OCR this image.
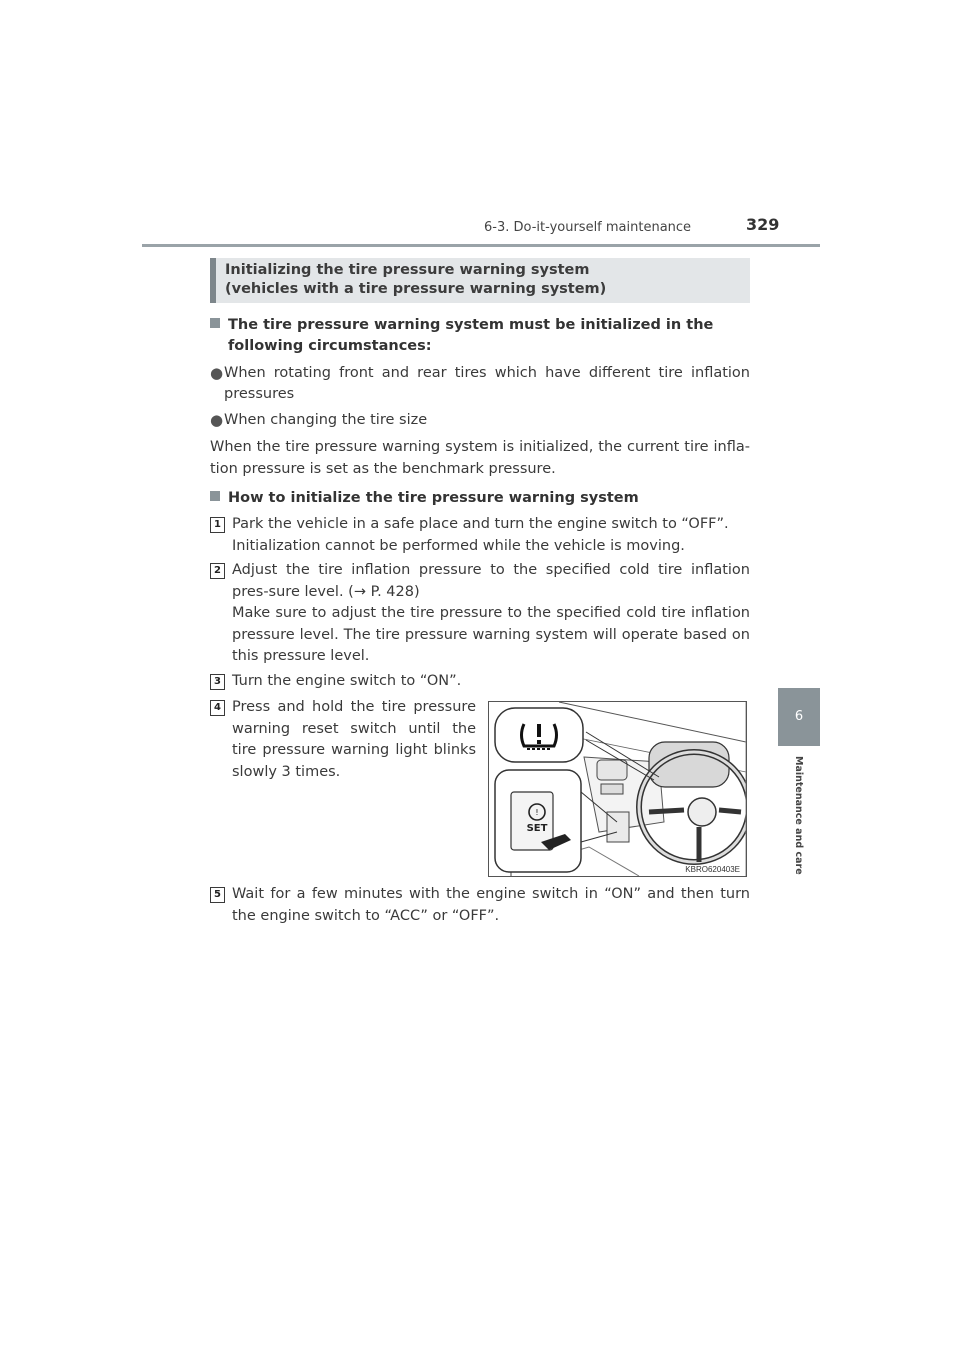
6-3. Do-it-yourself maintenance	329
6
Maintenance and care
Initializing the tire pressure warning system
(vehicles with a tire pressure warning system)
The tire pressure warning system must be initialized in the
following circumstances:
● When rotating front and rear tires which have different tire inflation pressures
● When changing the tire size
When the tire pressure warning system is initialized, the current tire infla-tion pressure is set as the benchmark pressure.
How to initialize the tire pressure warning system
1 Park the vehicle in a safe place and turn the engine switch to “OFF”.
Initialization cannot be performed while the vehicle is moving.
2 Adjust the tire inflation pressure to the specified cold tire inflation pres-sure level. (→ P. 428)
Make sure to adjust the tire pressure to the specified cold tire inflation pressure level. The tire pressure warning system will operate based on this pressure level.
3 Turn the engine switch to “ON”.
4 Press and hold the tire pressure warning reset switch until the tire pressure warning light blinks slowly 3 times.
5 Wait for a few minutes with the engine switch in “ON” and then turn the engine switch to “ACC” or “OFF”.
!
SET
KBRO620403E
